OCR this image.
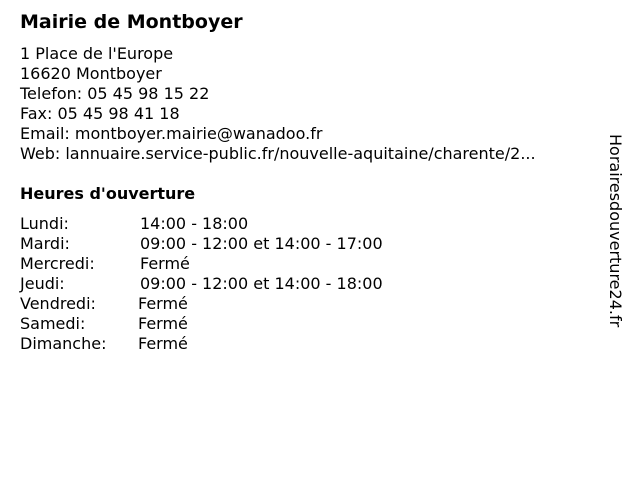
Mairie de Montboyer
1 Place de l'Europe
16620 Montboyer
Telefon: 05 45 98 15 22
Fax: 05 45 98 41 18
Email: montboyer.mairie@wanadoo.fr
Web: lannuaire.service-public.fr/nouvelle-aquitaine/charente/2...
Heures d'ouverture
Lundi:	14:00 - 18:00
Mardi:	09:00 - 12:00 et 14:00 - 17:00
Mercredi:	Fermé
Jeudi:	09:00 - 12:00 et 14:00 - 18:00
Vendredi:	Fermé
Samedi:	Fermé
Dimanche: Fermé
Horairesdouverture24.fr
